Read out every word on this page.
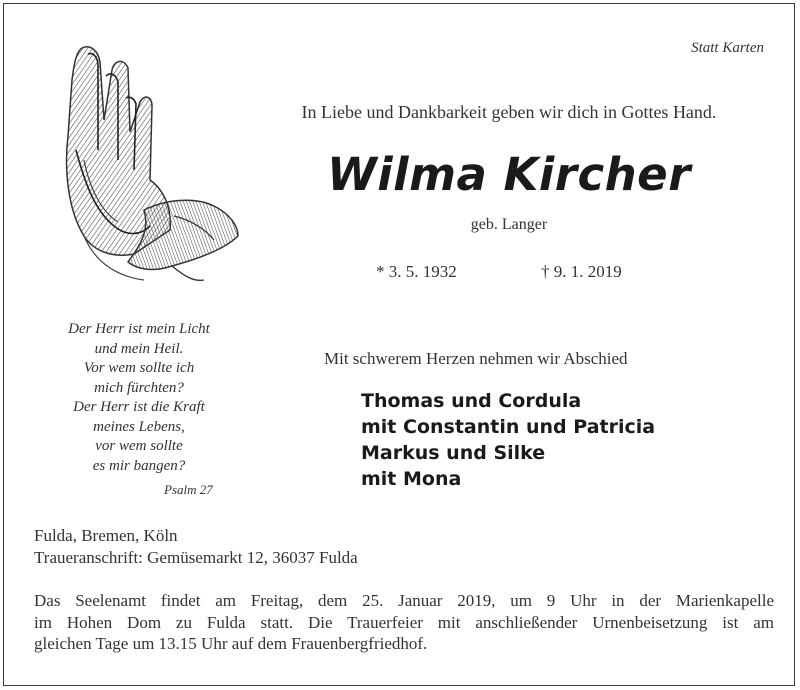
Statt Karten
In Liebe und Dankbarkeit geben wir dich in Gottes Hand.
Wilma Kircher
geb. Langer
* 3. 5. 1932	† 9. 1. 2019
Der Herr ist mein Licht
und mein Heil.
Vor wem sollte ich
mich fürchten?
Der Herr ist die Kraft
meines Lebens,
vor wem sollte
es mir bangen?
Psalm 27
Mit schwerem Herzen nehmen wir Abschied
Thomas und Cordula
mit Constantin und Patricia
Markus und Silke
mit Mona
Fulda, Bremen, Köln
Traueranschrift: Gemüsemarkt 12, 36037 Fulda
Das Seelenamt findet am Freitag, dem 25. Januar 2019, um 9 Uhr in der Marienkapelle
im Hohen Dom zu Fulda statt. Die Trauerfeier mit anschließender Urnenbeisetzung ist am
gleichen Tage um 13.15 Uhr auf dem Frauenbergfriedhof.
